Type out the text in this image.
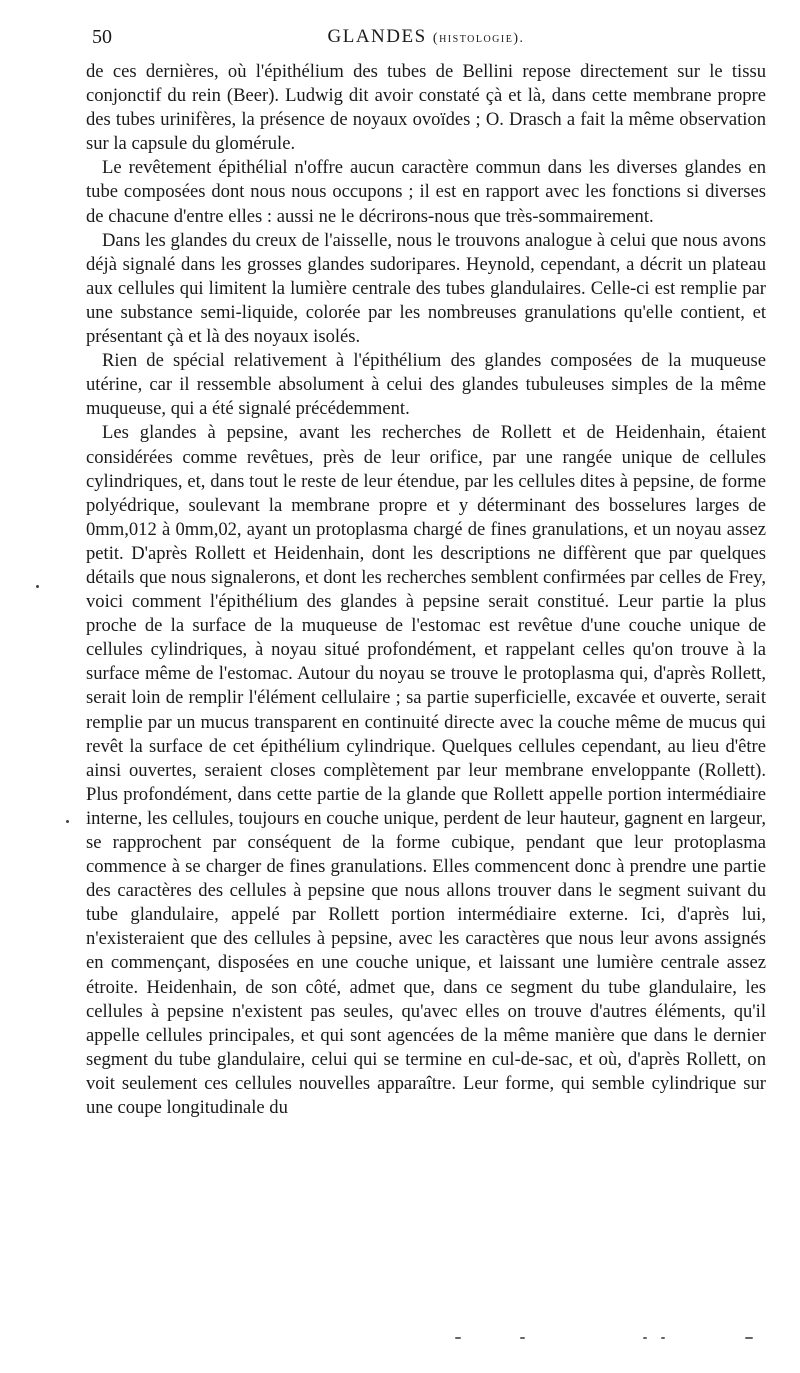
50	GLANDES (histologie).

de ces dernières, où l'épithélium des tubes de Bellini repose directement sur le tissu conjonctif du rein (Beer). Ludwig dit avoir constaté çà et là, dans cette membrane propre des tubes urinifères, la présence de noyaux ovoïdes ; O. Drasch a fait la même observation sur la capsule du glomérule.

Le revêtement épithélial n'offre aucun caractère commun dans les diverses glandes en tube composées dont nous nous occupons ; il est en rapport avec les fonctions si diverses de chacune d'entre elles : aussi ne le décrirons-nous que très-sommairement.

Dans les glandes du creux de l'aisselle, nous le trouvons analogue à celui que nous avons déjà signalé dans les grosses glandes sudoripares. Heynold, cependant, a décrit un plateau aux cellules qui limitent la lumière centrale des tubes glandulaires. Celle-ci est remplie par une substance semi-liquide, colorée par les nombreuses granulations qu'elle contient, et présentant çà et là des noyaux isolés.

Rien de spécial relativement à l'épithélium des glandes composées de la muqueuse utérine, car il ressemble absolument à celui des glandes tubuleuses simples de la même muqueuse, qui a été signalé précédemment.

Les glandes à pepsine, avant les recherches de Rollett et de Heidenhain, étaient considérées comme revêtues, près de leur orifice, par une rangée unique de cellules cylindriques, et, dans tout le reste de leur étendue, par les cellules dites à pepsine, de forme polyédrique, soulevant la membrane propre et y déterminant des bosselures larges de 0mm,012 à 0mm,02, ayant un protoplasma chargé de fines granulations, et un noyau assez petit. D'après Rollett et Heidenhain, dont les descriptions ne diffèrent que par quelques détails que nous signalerons, et dont les recherches semblent confirmées par celles de Frey, voici comment l'épithélium des glandes à pepsine serait constitué. Leur partie la plus proche de la surface de la muqueuse de l'estomac est revêtue d'une couche unique de cellules cylindriques, à noyau situé profondément, et rappelant celles qu'on trouve à la surface même de l'estomac. Autour du noyau se trouve le protoplasma qui, d'après Rollett, serait loin de remplir l'élément cellulaire ; sa partie superficielle, excavée et ouverte, serait remplie par un mucus transparent en continuité directe avec la couche même de mucus qui revêt la surface de cet épithélium cylindrique. Quelques cellules cependant, au lieu d'être ainsi ouvertes, seraient closes complètement par leur membrane enveloppante (Rollett). Plus profondément, dans cette partie de la glande que Rollett appelle portion intermédiaire interne, les cellules, toujours en couche unique, perdent de leur hauteur, gagnent en largeur, se rapprochent par conséquent de la forme cubique, pendant que leur protoplasma commence à se charger de fines granulations. Elles commencent donc à prendre une partie des caractères des cellules à pepsine que nous allons trouver dans le segment suivant du tube glandulaire, appelé par Rollett portion intermédiaire externe. Ici, d'après lui, n'existeraient que des cellules à pepsine, avec les caractères que nous leur avons assignés en commençant, disposées en une couche unique, et laissant une lumière centrale assez étroite. Heidenhain, de son côté, admet que, dans ce segment du tube glandulaire, les cellules à pepsine n'existent pas seules, qu'avec elles on trouve d'autres éléments, qu'il appelle cellules principales, et qui sont agencées de la même manière que dans le dernier segment du tube glandulaire, celui qui se termine en cul-de-sac, et où, d'après Rollett, on voit seulement ces cellules nouvelles apparaître. Leur forme, qui semble cylindrique sur une coupe longitudinale du
